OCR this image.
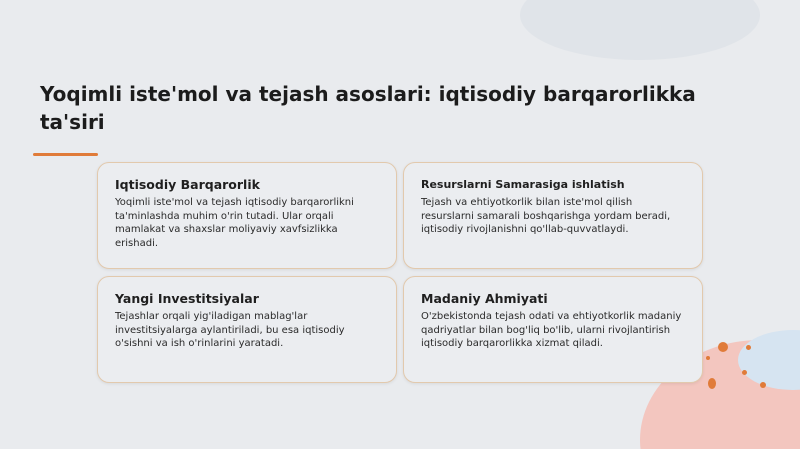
Yoqimli iste'mol va tejash asoslari: iqtisodiy barqarorlikka ta'siri
Iqtisodiy Barqarorlik

Yoqimli iste'mol va tejash iqtisodiy barqarorlikni ta'minlashda muhim o'rin tutadi. Ular orqali mamlakat va shaxslar moliyaviy xavfsizlikka erishadi.

Resurslarni Samarasiga ishlatish

Tejash va ehtiyotkorlik bilan iste'mol qilish resurslarni samarali boshqarishga yordam beradi, iqtisodiy rivojlanishni qo'llab-quvvatlaydi.

Yangi Investitsiyalar

Tejashlar orqali yig'iladigan mablag'lar investitsiyalarga aylantiriladi, bu esa iqtisodiy o'sishni va ish o'rinlarini yaratadi.

Madaniy Ahmiyati

O'zbekistonda tejash odati va ehtiyotkorlik madaniy qadriyatlar bilan bog'liq bo'lib, ularni rivojlantirish iqtisodiy barqarorlikka xizmat qiladi.
